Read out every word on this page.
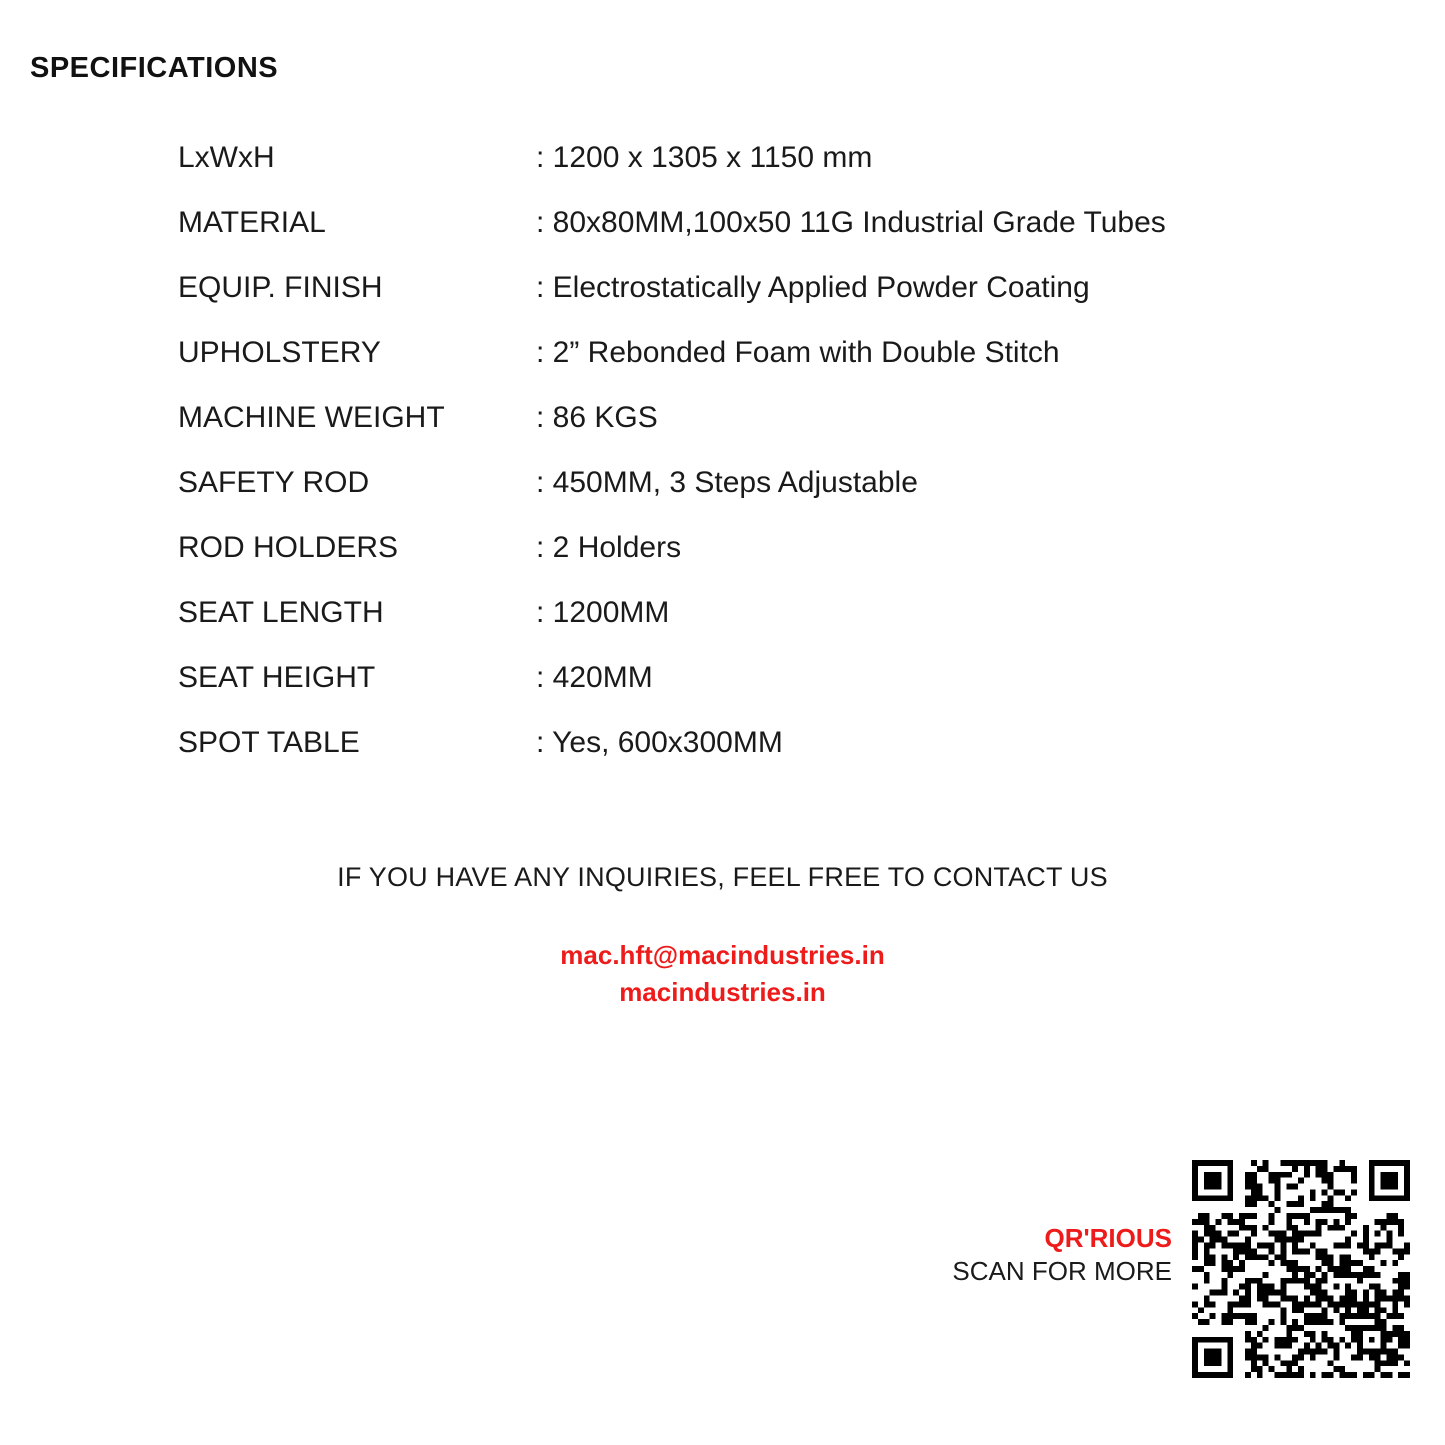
SPECIFICATIONS
LxWxH	: 1200 x 1305 x 1150 mm
MATERIAL	: 80x80MM,100x50 11G Industrial Grade Tubes
EQUIP. FINISH	: Electrostatically Applied Powder Coating
UPHOLSTERY	: 2” Rebonded Foam with Double Stitch
MACHINE WEIGHT	: 86 KGS
SAFETY ROD	: 450MM, 3 Steps Adjustable
ROD HOLDERS	: 2 Holders
SEAT LENGTH	: 1200MM
SEAT HEIGHT	: 420MM
SPOT TABLE	: Yes, 600x300MM
IF YOU HAVE ANY INQUIRIES, FEEL FREE TO CONTACT US
mac.hft@macindustries.in
macindustries.in
QR'RIOUS
SCAN FOR MORE
